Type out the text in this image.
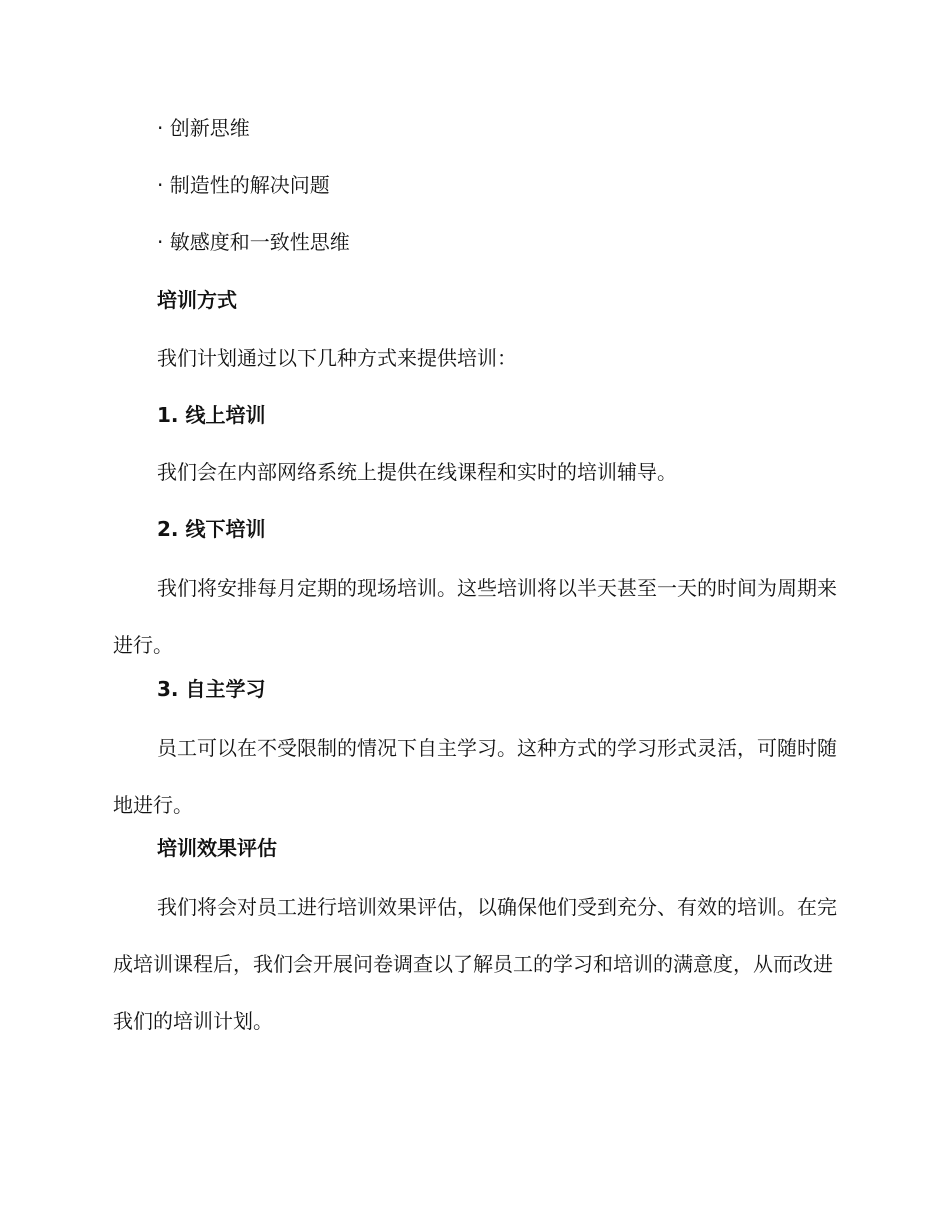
· 创新思维

· 制造性的解决问题

· 敏感度和一致性思维

培训方式

我们计划通过以下几种方式来提供培训：

1. 线上培训

我们会在内部网络系统上提供在线课程和实时的培训辅导。

2. 线下培训

我们将安排每月定期的现场培训。这些培训将以半天甚至一天的时间为周期来进行。

3. 自主学习

员工可以在不受限制的情况下自主学习。这种方式的学习形式灵活，可随时随地进行。

培训效果评估

我们将会对员工进行培训效果评估，以确保他们受到充分、有效的培训。在完成培训课程后，我们会开展问卷调查以了解员工的学习和培训的满意度，从而改进我们的培训计划。
